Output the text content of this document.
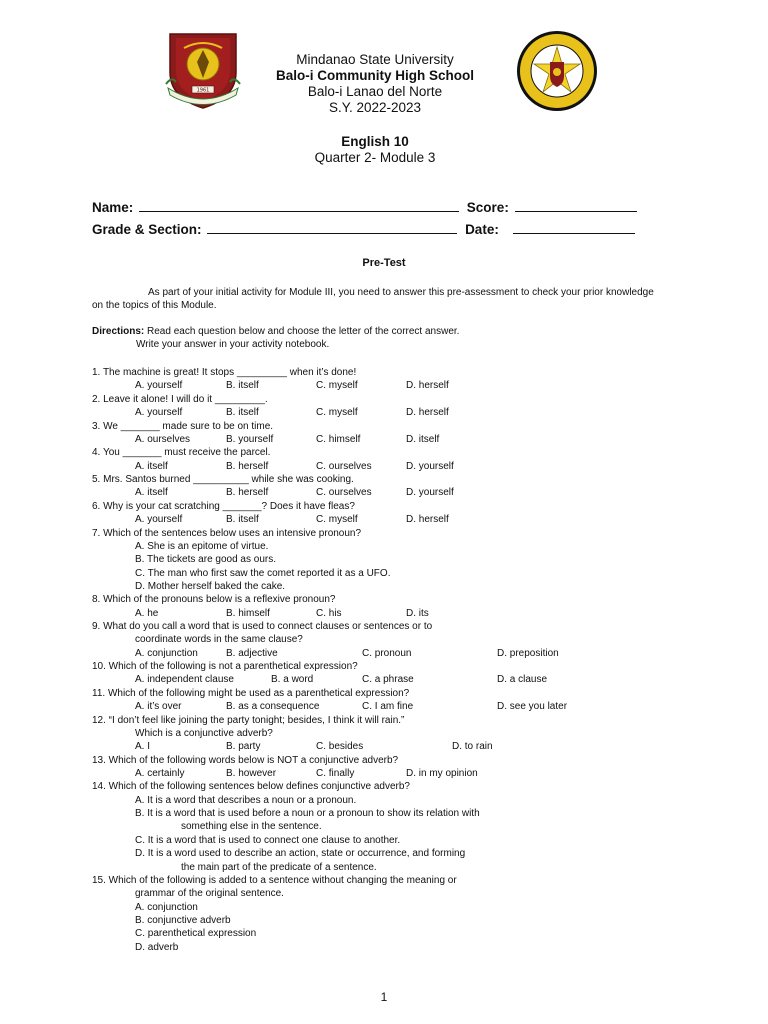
1961
Mindanao State University
Balo-i Community High School
Balo-i Lanao del Norte
S.Y. 2022-2023
English 10
Quarter 2- Module 3
Name:	Score:
Grade & Section:	Date:
Pre-Test
As part of your initial activity for Module III, you need to answer this pre-assessment to check your prior knowledge on the topics of this Module.
Directions: Read each question below and choose the letter of the correct answer.
Write your answer in your activity notebook.
1. The machine is great! It stops _________ when it’s done!
A. yourself	B. itself	C. myself	D. herself
2. Leave it alone! I will do it _________.
A. yourself	B. itself	C. myself	D. herself
3. We _______ made sure to be on time.
A. ourselves	B. yourself	C. himself	D. itself
4. You _______ must receive the parcel.
A. itself	B. herself	C. ourselves	D. yourself
5. Mrs. Santos burned __________ while she was cooking.
A. itself	B. herself	C. ourselves	D. yourself
6. Why is your cat scratching _______? Does it have fleas?
A. yourself	B. itself	C. myself	D. herself
7. Which of the sentences below uses an intensive pronoun?
A. She is an epitome of virtue.
B. The tickets are good as ours.
C. The man who first saw the comet reported it as a UFO.
D. Mother herself baked the cake.
8. Which of the pronouns below is a reflexive pronoun?
A. he	B. himself	C. his	D. its
9. What do you call a word that is used to connect clauses or sentences or to
coordinate words in the same clause?
A. conjunction	B. adjective	C. pronoun	D. preposition
10. Which of the following is not a parenthetical expression?
A. independent clause	B. a word	C. a phrase	D. a clause
11. Which of the following might be used as a parenthetical expression?
A. it’s over	B. as a consequence	C. I am fine	D. see you later
12. “I don’t feel like joining the party tonight; besides, I think it will rain.”
Which is a conjunctive adverb?
A. I	B. party	C. besides	D. to rain
13. Which of the following words below is NOT a conjunctive adverb?
A. certainly	B. however	C. finally	D. in my opinion
14. Which of the following sentences below defines conjunctive adverb?
A. It is a word that describes a noun or a pronoun.
B. It is a word that is used before a noun or a pronoun to show its relation with
something else in the sentence.
C. It is a word that is used to connect one clause to another.
D. It is a word used to describe an action, state or occurrence, and forming
the main part of the predicate of a sentence.
15. Which of the following is added to a sentence without changing the meaning or
grammar of the original sentence.
A. conjunction
B. conjunctive adverb
C. parenthetical expression
D. adverb
1
